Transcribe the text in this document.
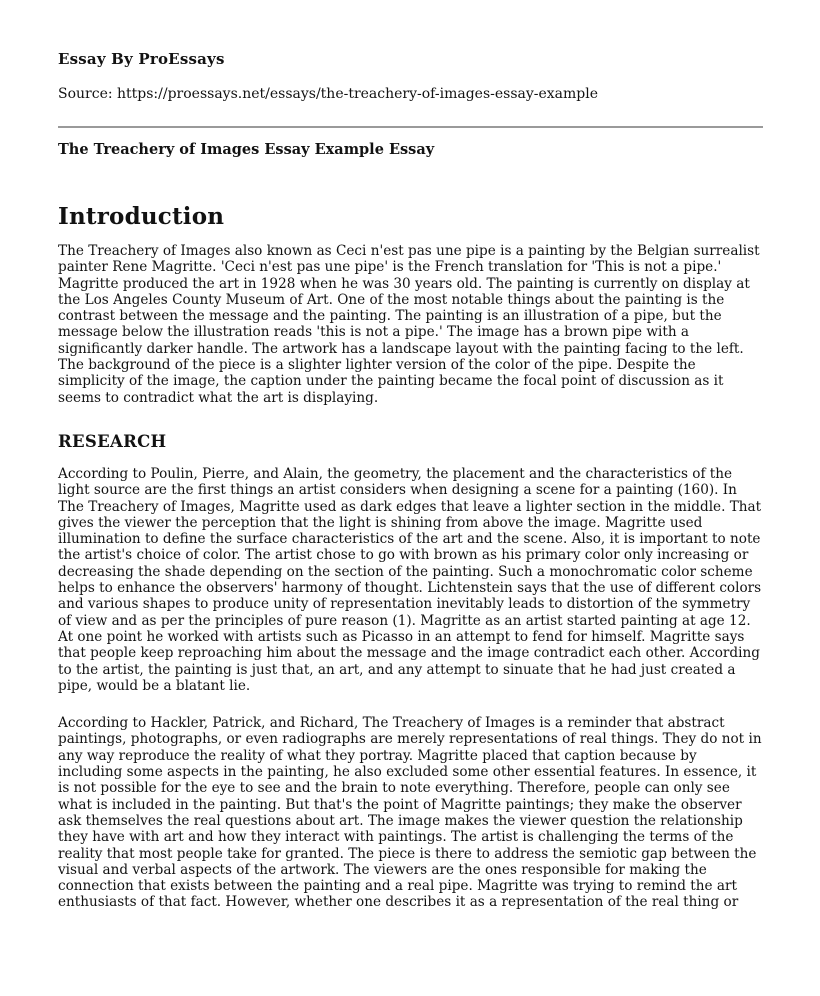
Essay By ProEssays
Source: https://proessays.net/essays/the-treachery-of-images-essay-example
The Treachery of Images Essay Example Essay
Introduction

The Treachery of Images also known as Ceci n'est pas une pipe is a painting by the Belgian surrealist painter Rene Magritte. 'Ceci n'est pas une pipe' is the French translation for 'This is not a pipe.' Magritte produced the art in 1928 when he was 30 years old. The painting is currently on display at the Los Angeles County Museum of Art. One of the most notable things about the painting is the contrast between the message and the painting. The painting is an illustration of a pipe, but the message below the illustration reads 'this is not a pipe.' The image has a brown pipe with a significantly darker handle. The artwork has a landscape layout with the painting facing to the left. The background of the piece is a slighter lighter version of the color of the pipe. Despite the simplicity of the image, the caption under the painting became the focal point of discussion as it seems to contradict what the art is displaying.

RESEARCH

According to Poulin, Pierre, and Alain, the geometry, the placement and the characteristics of the light source are the first things an artist considers when designing a scene for a painting (160). In The Treachery of Images, Magritte used as dark edges that leave a lighter section in the middle. That gives the viewer the perception that the light is shining from above the image. Magritte used illumination to define the surface characteristics of the art and the scene. Also, it is important to note the artist's choice of color. The artist chose to go with brown as his primary color only increasing or decreasing the shade depending on the section of the painting. Such a monochromatic color scheme helps to enhance the observers' harmony of thought. Lichtenstein says that the use of different colors and various shapes to produce unity of representation inevitably leads to distortion of the symmetry of view and as per the principles of pure reason (1). Magritte as an artist started painting at age 12. At one point he worked with artists such as Picasso in an attempt to fend for himself. Magritte says that people keep reproaching him about the message and the image contradict each other. According to the artist, the painting is just that, an art, and any attempt to sinuate that he had just created a pipe, would be a blatant lie.

According to Hackler, Patrick, and Richard, The Treachery of Images is a reminder that abstract paintings, photographs, or even radiographs are merely representations of real things. They do not in any way reproduce the reality of what they portray. Magritte placed that caption because by including some aspects in the painting, he also excluded some other essential features. In essence, it is not possible for the eye to see and the brain to note everything. Therefore, people can only see what is included in the painting. But that's the point of Magritte paintings; they make the observer ask themselves the real questions about art. The image makes the viewer question the relationship they have with art and how they interact with paintings. The artist is challenging the terms of the reality that most people take for granted. The piece is there to address the semiotic gap between the visual and verbal aspects of the artwork. The viewers are the ones responsible for making the connection that exists between the painting and a real pipe. Magritte was trying to remind the art enthusiasts of that fact. However, whether one describes it as a representation of the real thing or
